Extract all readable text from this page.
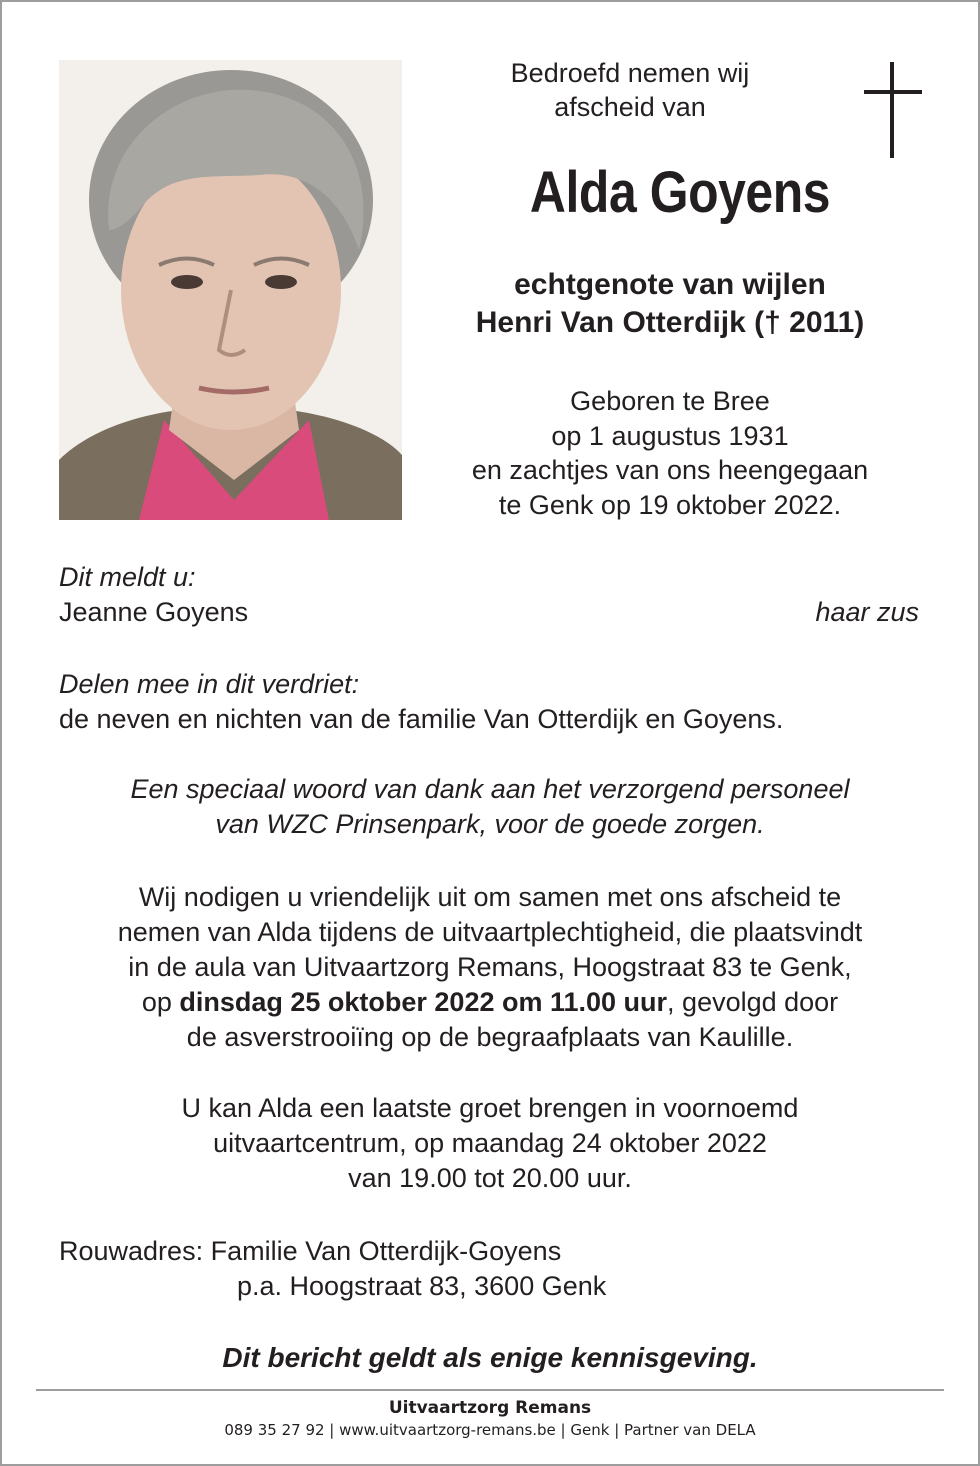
Bedroefd nemen wij
afscheid van
Alda Goyens
echtgenote van wijlen
Henri Van Otterdijk († 2011)
Geboren te Bree
op 1 augustus 1931
en zachtjes van ons heengegaan
te Genk op 19 oktober 2022.
Dit meldt u:
Jeanne Goyens	haar zus
Delen mee in dit verdriet:
de neven en nichten van de familie Van Otterdijk en Goyens.
Een speciaal woord van dank aan het verzorgend personeel
van WZC Prinsenpark, voor de goede zorgen.
Wij nodigen u vriendelijk uit om samen met ons afscheid te
nemen van Alda tijdens de uitvaartplechtigheid, die plaatsvindt
in de aula van Uitvaartzorg Remans, Hoogstraat 83 te Genk,
op dinsdag 25 oktober 2022 om 11.00 uur, gevolgd door
de asverstrooiïng op de begraafplaats van Kaulille.
U kan Alda een laatste groet brengen in voornoemd
uitvaartcentrum, op maandag 24 oktober 2022
van 19.00 tot 20.00 uur.
Rouwadres: Familie Van Otterdijk-Goyens
p.a. Hoogstraat 83, 3600 Genk
Dit bericht geldt als enige kennisgeving.
Uitvaartzorg Remans
089 35 27 92 | www.uitvaartzorg-remans.be | Genk | Partner van DELA
